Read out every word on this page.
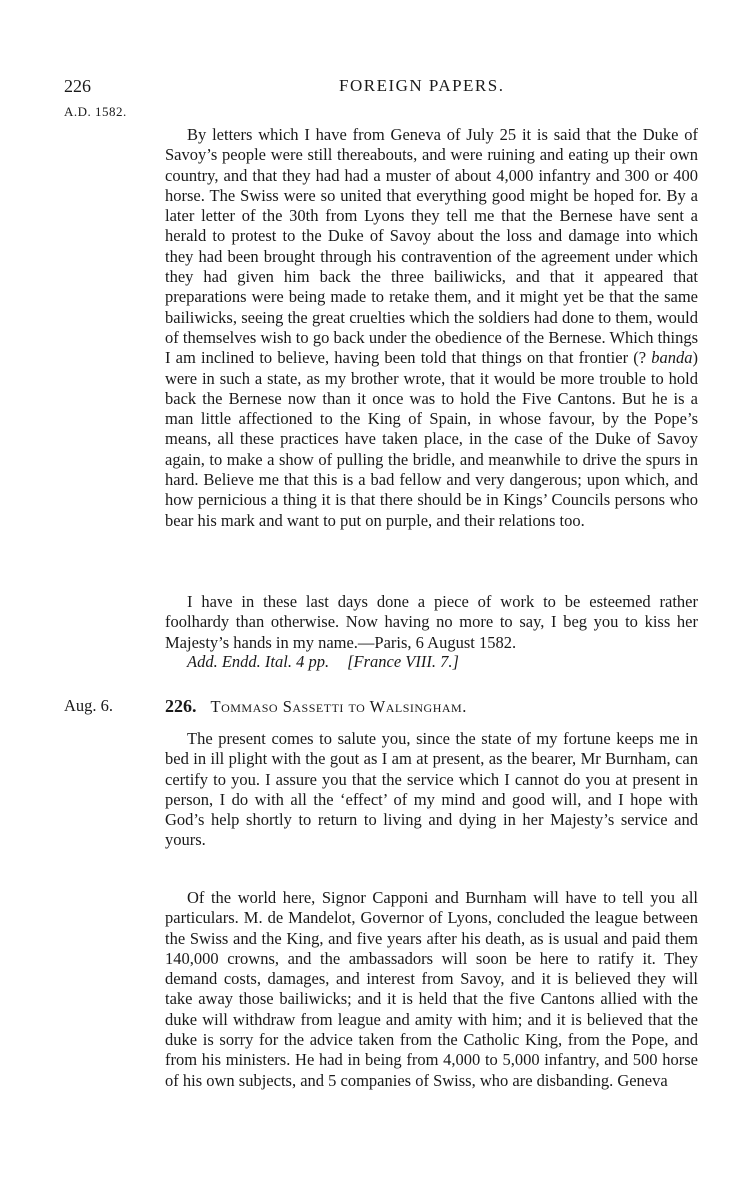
226	FOREIGN PAPERS.
A.D. 1582.

By letters which I have from Geneva of July 25 it is said that the Duke of Savoy’s people were still thereabouts, and were ruining and eating up their own country, and that they had had a muster of about 4,000 infantry and 300 or 400 horse. The Swiss were so united that everything good might be hoped for. By a later letter of the 30th from Lyons they tell me that the Bernese have sent a herald to protest to the Duke of Savoy about the loss and damage into which they had been brought through his contravention of the agreement under which they had given him back the three bailiwicks, and that it appeared that preparations were being made to retake them, and it might yet be that the same bailiwicks, seeing the great cruelties which the soldiers had done to them, would of themselves wish to go back under the obedience of the Bernese. Which things I am inclined to believe, having been told that things on that frontier (? banda) were in such a state, as my brother wrote, that it would be more trouble to hold back the Bernese now than it once was to hold the Five Cantons. But he is a man little affectioned to the King of Spain, in whose favour, by the Pope’s means, all these practices have taken place, in the case of the Duke of Savoy again, to make a show of pulling the bridle, and meanwhile to drive the spurs in hard. Believe me that this is a bad fellow and very dangerous; upon which, and how pernicious a thing it is that there should be in Kings’ Councils persons who bear his mark and want to put on purple, and their relations too.

I have in these last days done a piece of work to be esteemed rather foolhardy than otherwise. Now having no more to say, I beg you to kiss her Majesty’s hands in my name.—Paris, 6 August 1582.

Add. Endd. Ital. 4 pp. [France VIII. 7.]

Aug. 6.	226. Tommaso Sassetti to Walsingham.

The present comes to salute you, since the state of my fortune keeps me in bed in ill plight with the gout as I am at present, as the bearer, Mr Burnham, can certify to you. I assure you that the service which I cannot do you at present in person, I do with all the ‘effect’ of my mind and good will, and I hope with God’s help shortly to return to living and dying in her Majesty’s service and yours.

Of the world here, Signor Capponi and Burnham will have to tell you all particulars. M. de Mandelot, Governor of Lyons, concluded the league between the Swiss and the King, and five years after his death, as is usual and paid them 140,000 crowns, and the ambassadors will soon be here to ratify it. They demand costs, damages, and interest from Savoy, and it is believed they will take away those bailiwicks; and it is held that the five Cantons allied with the duke will withdraw from league and amity with him; and it is believed that the duke is sorry for the advice taken from the Catholic King, from the Pope, and from his ministers. He had in being from 4,000 to 5,000 infantry, and 500 horse of his own subjects, and 5 companies of Swiss, who are disbanding. Geneva
